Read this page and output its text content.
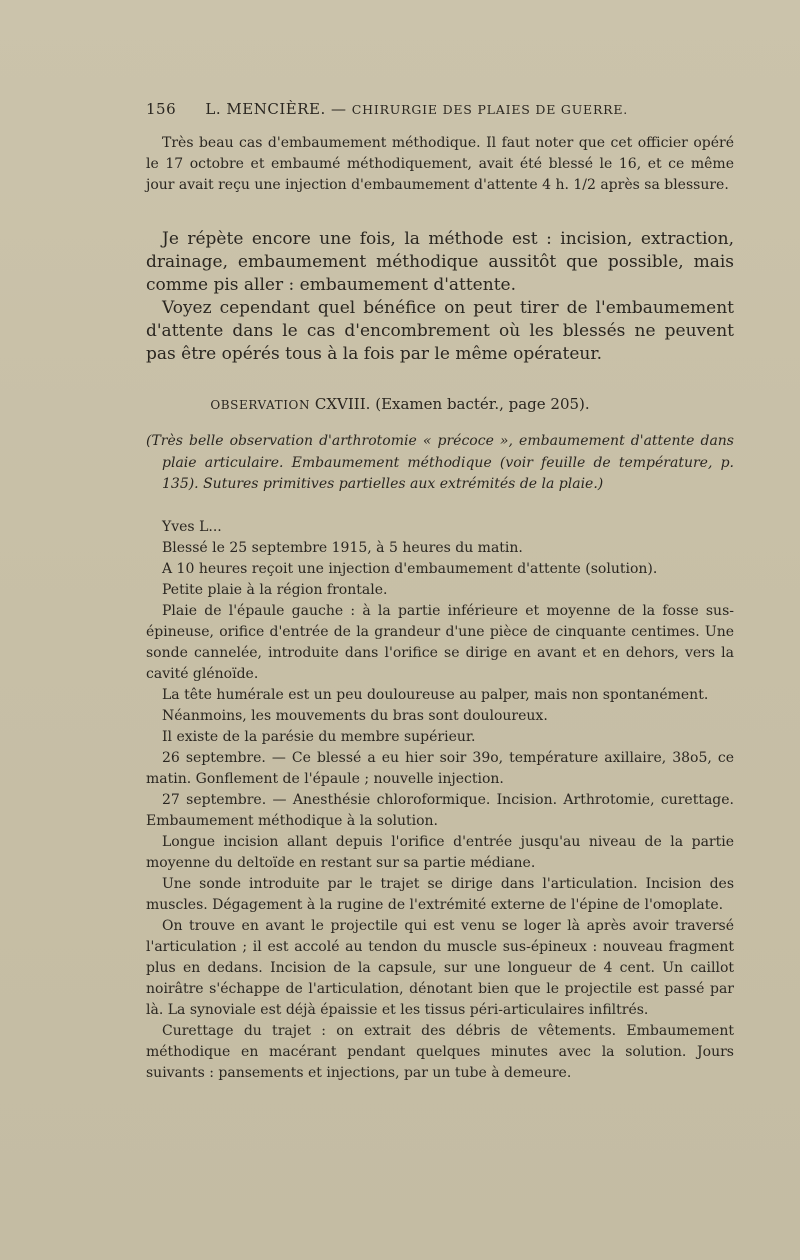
156 L. MENCIÈRE. — CHIRURGIE DES PLAIES DE GUERRE.

Très beau cas d'embaumement méthodique. Il faut noter que cet officier opéré le 17 octobre et embaumé méthodiquement, avait été blessé le 16, et ce même jour avait reçu une injection d'embaumement d'attente 4 h. 1/2 après sa blessure.

Je répète encore une fois, la méthode est : incision, extraction, drainage, embaumement méthodique aussitôt que possible, mais comme pis aller : embaumement d'attente.

Voyez cependant quel bénéfice on peut tirer de l'embaumement d'attente dans le cas d'encombrement où les blessés ne peuvent pas être opérés tous à la fois par le même opérateur.

OBSERVATION CXVIII. (Examen bactér., page 205).

(Très belle observation d'arthrotomie « précoce », embaumement d'attente dans plaie articulaire. Embaumement méthodique (voir feuille de température, p. 135). Sutures primitives partielles aux extrémités de la plaie.)

Yves L...

Blessé le 25 septembre 1915, à 5 heures du matin.

A 10 heures reçoit une injection d'embaumement d'attente (solution).

Petite plaie à la région frontale.

Plaie de l'épaule gauche : à la partie inférieure et moyenne de la fosse sus-épineuse, orifice d'entrée de la grandeur d'une pièce de cinquante centimes. Une sonde cannelée, introduite dans l'orifice se dirige en avant et en dehors, vers la cavité glénoïde.

La tête humérale est un peu douloureuse au palper, mais non spontanément.

Néanmoins, les mouvements du bras sont douloureux.

Il existe de la parésie du membre supérieur.

26 septembre. — Ce blessé a eu hier soir 39o, température axillaire, 38o5, ce matin. Gonflement de l'épaule ; nouvelle injection.

27 septembre. — Anesthésie chloroformique. Incision. Arthrotomie, curettage. Embaumement méthodique à la solution.

Longue incision allant depuis l'orifice d'entrée jusqu'au niveau de la partie moyenne du deltoïde en restant sur sa partie médiane.

Une sonde introduite par le trajet se dirige dans l'articulation. Incision des muscles. Dégagement à la rugine de l'extrémité externe de l'épine de l'omoplate.

On trouve en avant le projectile qui est venu se loger là après avoir traversé l'articulation ; il est accolé au tendon du muscle sus-épineux : nouveau fragment plus en dedans. Incision de la capsule, sur une longueur de 4 cent. Un caillot noirâtre s'échappe de l'articulation, dénotant bien que le projectile est passé par là. La synoviale est déjà épaissie et les tissus péri-articulaires infiltrés.

Curettage du trajet : on extrait des débris de vêtements. Embaumement méthodique en macérant pendant quelques minutes avec la solution. Jours suivants : pansements et injections, par un tube à demeure.
